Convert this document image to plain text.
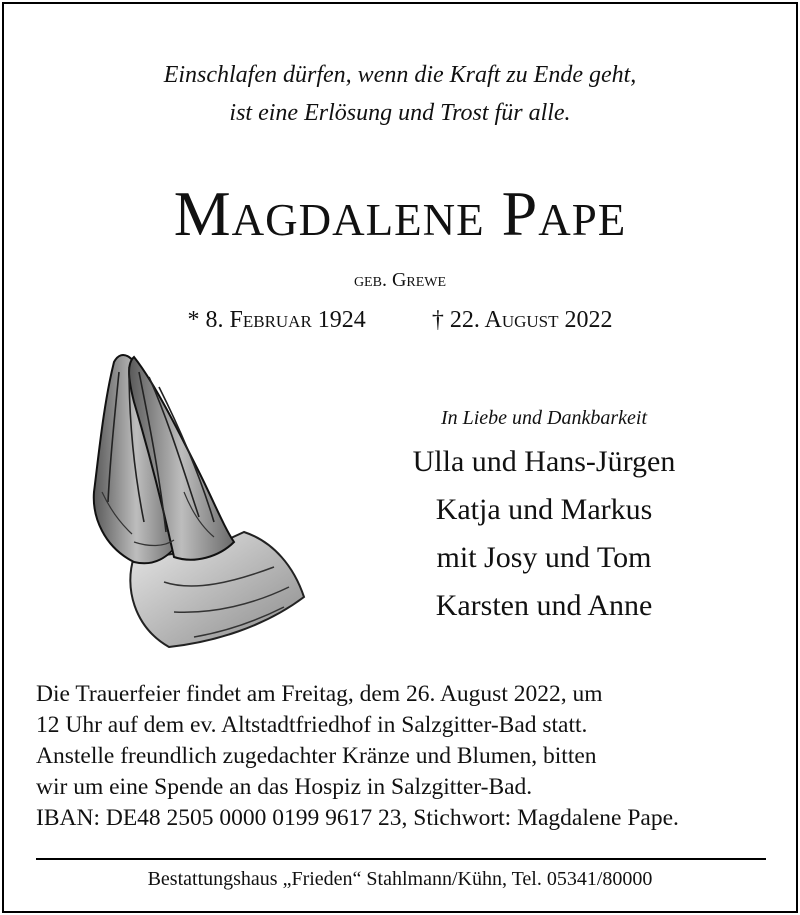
Einschlafen dürfen, wenn die Kraft zu Ende geht,
ist eine Erlösung und Trost für alle.
Magdalene Pape
geb. Grewe
* 8. Februar 1924	† 22. August 2022
In Liebe und Dankbarkeit
Ulla und Hans-Jürgen
Katja und Markus
mit Josy und Tom
Karsten und Anne
Die Trauerfeier findet am Freitag, dem 26. August 2022, um
12 Uhr auf dem ev. Altstadtfriedhof in Salzgitter-Bad statt.
Anstelle freundlich zugedachter Kränze und Blumen, bitten
wir um eine Spende an das Hospiz in Salzgitter-Bad.
IBAN: DE48 2505 0000 0199 9617 23, Stichwort: Magdalene Pape.
Bestattungshaus „Frieden“ Stahlmann/Kühn, Tel. 05341/80000
